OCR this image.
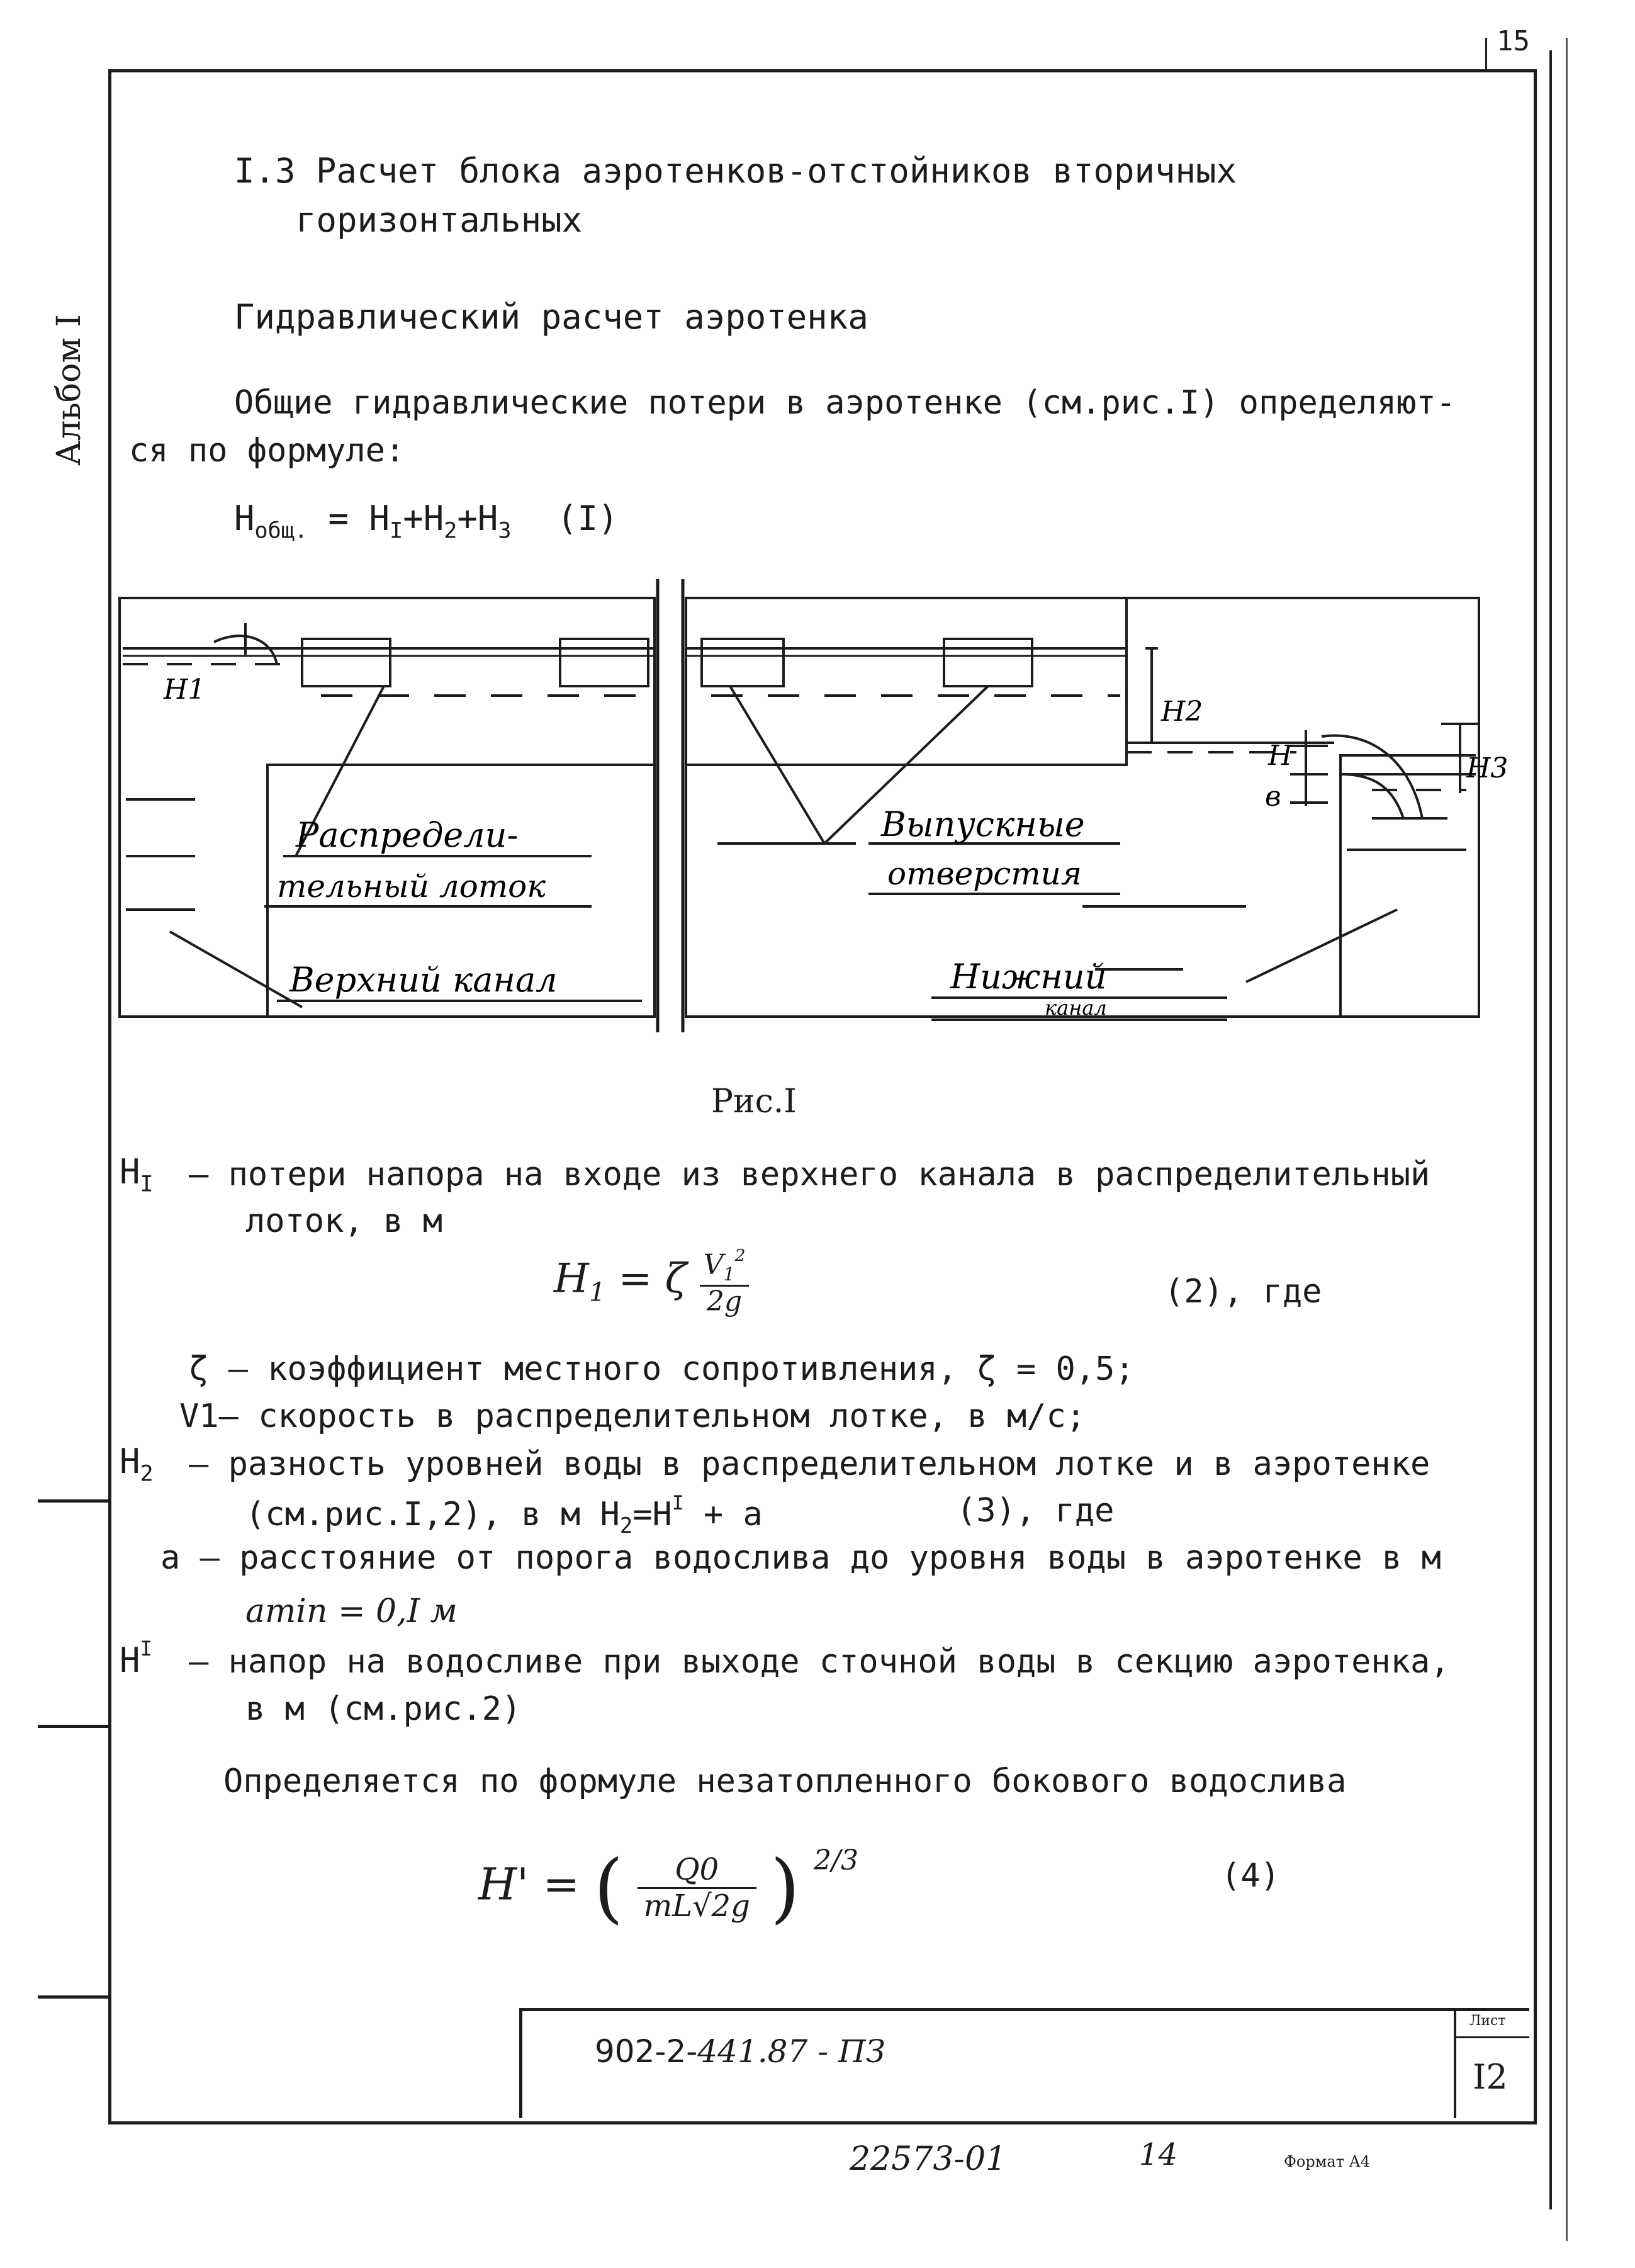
15
Альбом I
I.3 Расчет блока аэротенков-отстойников вторичных
горизонтальных
Гидравлический расчет аэротенка
Общие гидравлические потери в аэротенке (см.рис.I) определяют-
ся по формуле:
$H_{общ.} = H_I+H_2+H_3$ (I)
H1
H2
H
в
H3
Распредели-
тельный лоток
Выпускные
отверстия
Верхний канал	Нижний
канал
Рис.I
$H_I$ – потери напора на входе из верхнего канала в распределительный
лоток, в м
$H_1 = \zeta \frac{V_1^2}{2g}$	(2), где
ζ – коэффициент местного сопротивления, ζ = 0,5;
V1– скорость в распределительном лотке, в м/с;
$H_2$ – разность уровней воды в распределительном лотке и в аэротенке
(см.рис.I,2), в м $H_2=H^I + a$	(3), где
a – расстояние от порога водослива до уровня воды в аэротенке в м
amin = 0,I м
$H^I$ – напор на водосливе при выходе сточной воды в секцию аэротенка,
в м (см.рис.2)
Определяется по формуле незатопленного бокового водослива
H' = ( $\frac{Q0}{mL√2g}$ ) $^{2/3}$	(4)
902-2-441.87 - ПЗ
Лист
I2
22573-01	14	Формат А4
